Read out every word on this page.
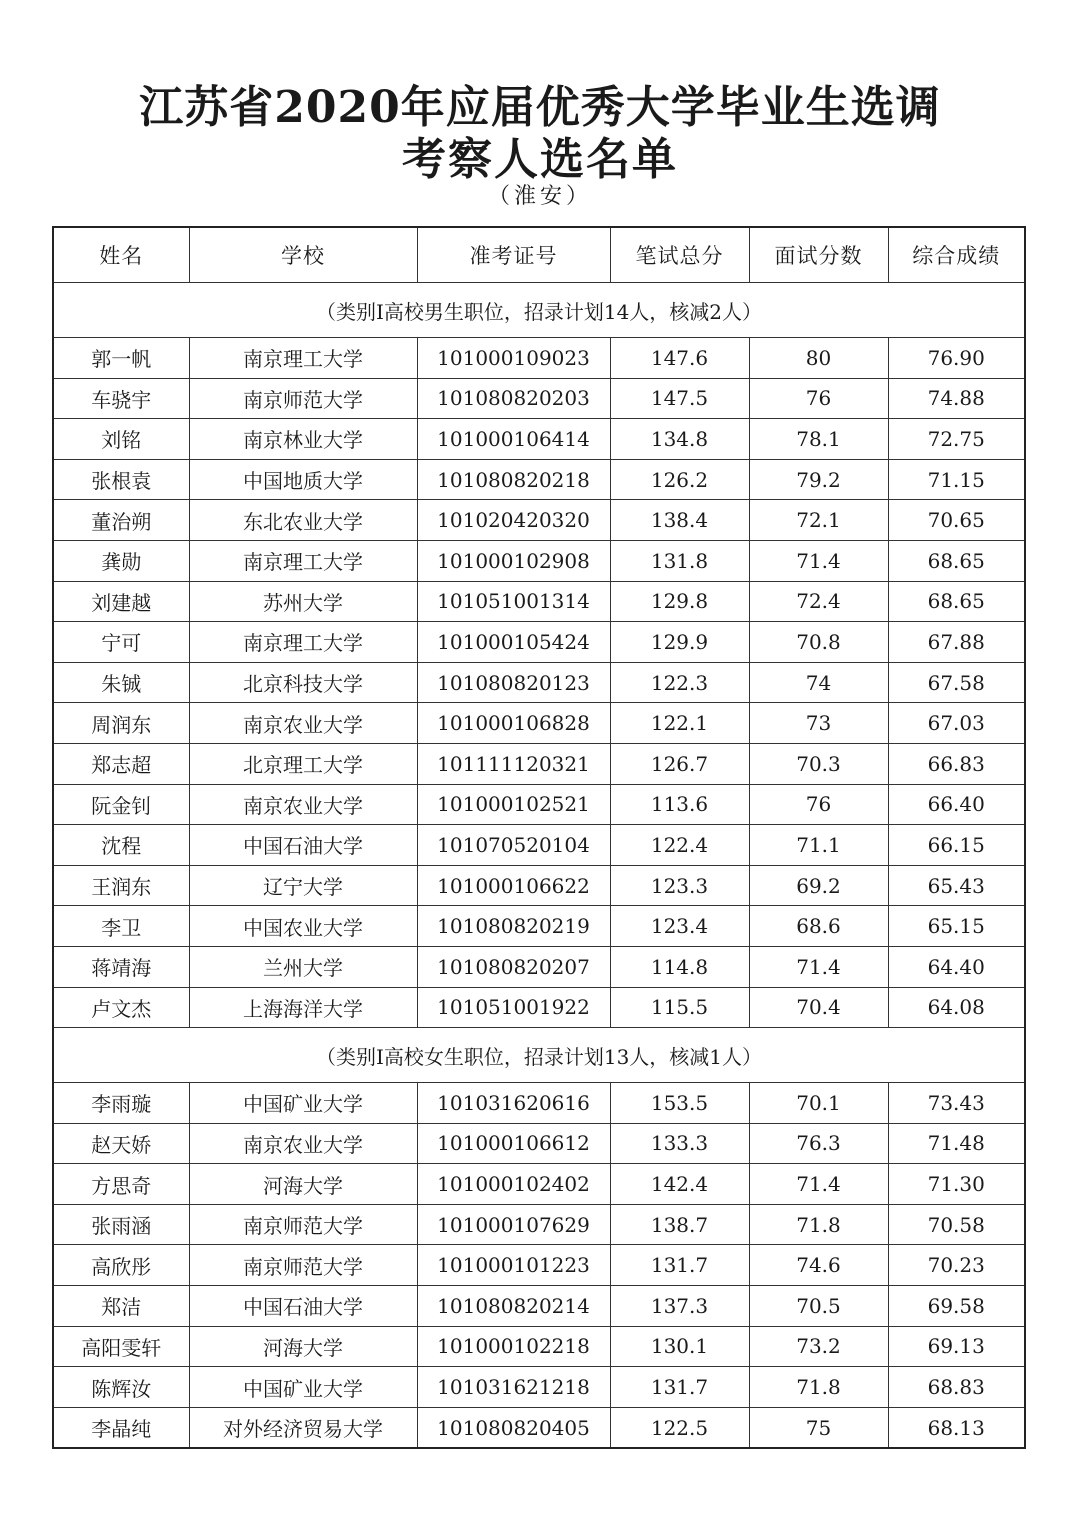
江苏省2020年应届优秀大学毕业生选调
考察人选名单
（淮安）
姓名	学校	准考证号	笔试总分	面试分数	综合成绩
（类别Ⅰ高校男生职位，招录计划14人，核减2人）					
郭一帆	南京理工大学	101000109023	147.6	80	76.90
车骁宇	南京师范大学	101080820203	147.5	76	74.88
刘铭	南京林业大学	101000106414	134.8	78.1	72.75
张根袁	中国地质大学	101080820218	126.2	79.2	71.15
董治朔	东北农业大学	101020420320	138.4	72.1	70.65
龚勋	南京理工大学	101000102908	131.8	71.4	68.65
刘建越	苏州大学	101051001314	129.8	72.4	68.65
宁可	南京理工大学	101000105424	129.9	70.8	67.88
朱铖	北京科技大学	101080820123	122.3	74	67.58
周润东	南京农业大学	101000106828	122.1	73	67.03
郑志超	北京理工大学	101111120321	126.7	70.3	66.83
阮金钊	南京农业大学	101000102521	113.6	76	66.40
沈程	中国石油大学	101070520104	122.4	71.1	66.15
王润东	辽宁大学	101000106622	123.3	69.2	65.43
李卫	中国农业大学	101080820219	123.4	68.6	65.15
蒋靖海	兰州大学	101080820207	114.8	71.4	64.40
卢文杰	上海海洋大学	101051001922	115.5	70.4	64.08
（类别Ⅰ高校女生职位，招录计划13人，核减1人）					
李雨璇	中国矿业大学	101031620616	153.5	70.1	73.43
赵天娇	南京农业大学	101000106612	133.3	76.3	71.48
方思奇	河海大学	101000102402	142.4	71.4	71.30
张雨涵	南京师范大学	101000107629	138.7	71.8	70.58
高欣彤	南京师范大学	101000101223	131.7	74.6	70.23
郑洁	中国石油大学	101080820214	137.3	70.5	69.58
高阳雯轩	河海大学	101000102218	130.1	73.2	69.13
陈辉汝	中国矿业大学	101031621218	131.7	71.8	68.83
李晶纯	对外经济贸易大学	101080820405	122.5	75	68.13
